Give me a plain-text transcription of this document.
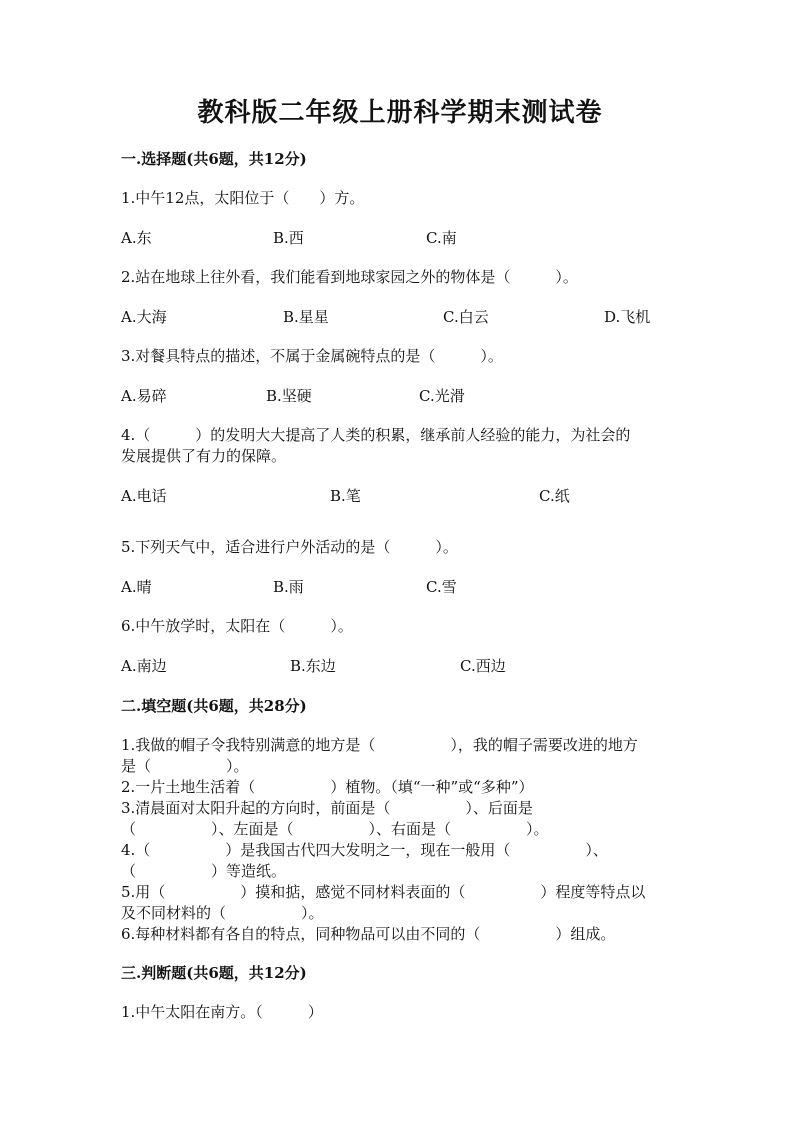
教科版二年级上册科学期末测试卷
一.选择题(共6题，共12分)
1.中午12点，太阳位于（　　）方。
A.东	B.西	C.南
2.站在地球上往外看，我们能看到地球家园之外的物体是（　　　）。
A.大海	B.星星	C.白云	D.飞机
3.对餐具特点的描述，不属于金属碗特点的是（　　　）。
A.易碎	B.坚硬	C.光滑
4.（　　　）的发明大大提高了人类的积累，继承前人经验的能力，为社会的
发展提供了有力的保障。
A.电话	B.笔	C.纸
5.下列天气中，适合进行户外活动的是（　　　）。
A.晴	B.雨	C.雪
6.中午放学时，太阳在（　　　）。
A.南边	B.东边	C.西边
二.填空题(共6题，共28分)
1.我做的帽子令我特别满意的地方是（　　　　　），我的帽子需要改进的地方
是（　　　　　）。
2.一片土地生活着（　　　　　）植物。（填“一种”或“多种”）
3.清晨面对太阳升起的方向时，前面是（　　　　　）、后面是
（　　　　　）、左面是（　　　　　）、右面是（　　　　　）。
4.（　　　　　）是我国古代四大发明之一，现在一般用（　　　　　）、
（　　　　　）等造纸。
5.用（　　　　　）摸和掂，感觉不同材料表面的（　　　　　）程度等特点以
及不同材料的（　　　　　）。
6.每种材料都有各自的特点，同种物品可以由不同的（　　　　　）组成。
三.判断题(共6题，共12分)
1.中午太阳在南方。（　　　）
